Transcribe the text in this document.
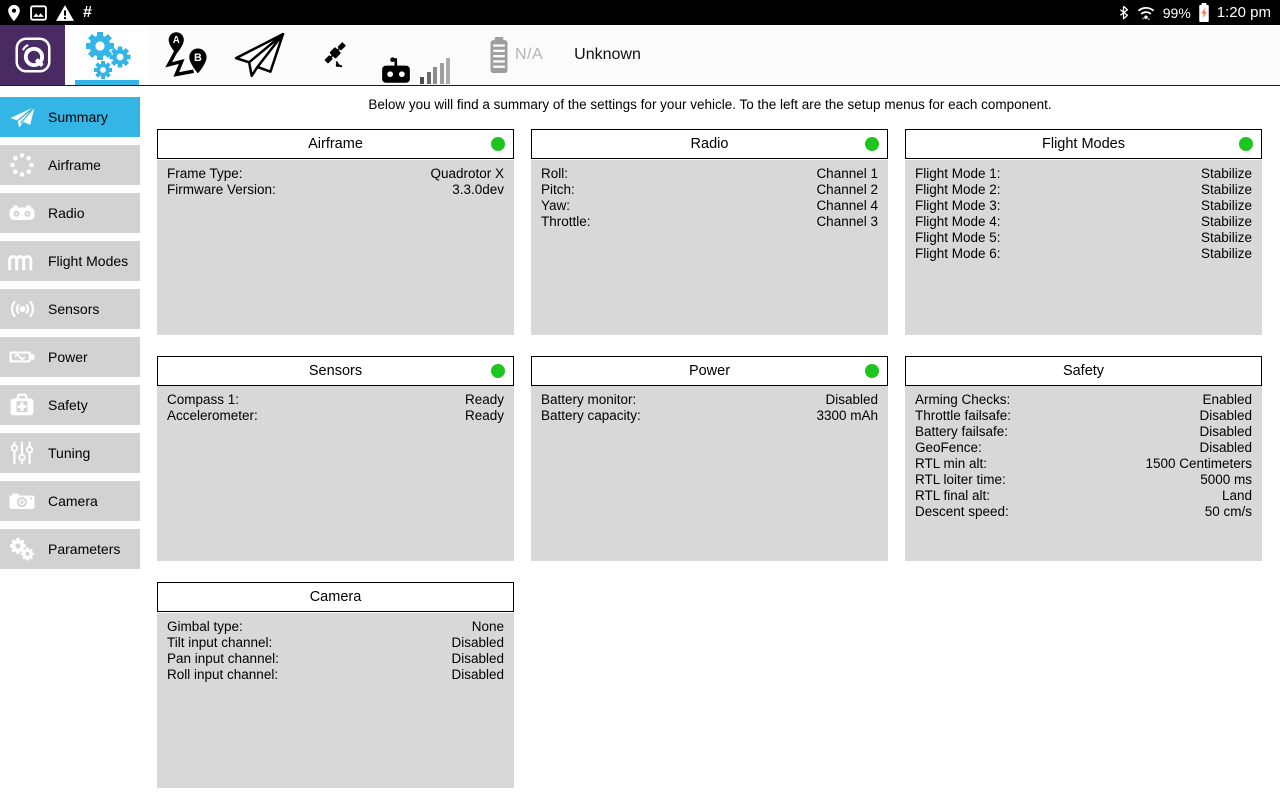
#	99% 1:20 pm
A
B	N/A Unknown
Summary
Airframe
Radio
Flight Modes
Sensors
Power
Safety
Tuning
Camera
Parameters
Below you will find a summary of the settings for your vehicle. To the left are the setup menus for each component.
Airframe
Frame Type:	Quadrotor X
Firmware Version:	3.3.0dev
Radio
Roll:	Channel 1
Pitch:	Channel 2
Yaw:	Channel 4
Throttle:	Channel 3
Flight Modes
Flight Mode 1:	Stabilize
Flight Mode 2:	Stabilize
Flight Mode 3:	Stabilize
Flight Mode 4:	Stabilize
Flight Mode 5:	Stabilize
Flight Mode 6:	Stabilize
Sensors
Compass 1:	Ready
Accelerometer:	Ready
Power
Battery monitor:	Disabled
Battery capacity:	3300 mAh
Safety
Arming Checks:	Enabled
Throttle failsafe:	Disabled
Battery failsafe:	Disabled
GeoFence:	Disabled
RTL min alt:	1500 Centimeters
RTL loiter time:	5000 ms
RTL final alt:	Land
Descent speed:	50 cm/s
Camera
Gimbal type:	None
Tilt input channel:	Disabled
Pan input channel:	Disabled
Roll input channel:	Disabled
